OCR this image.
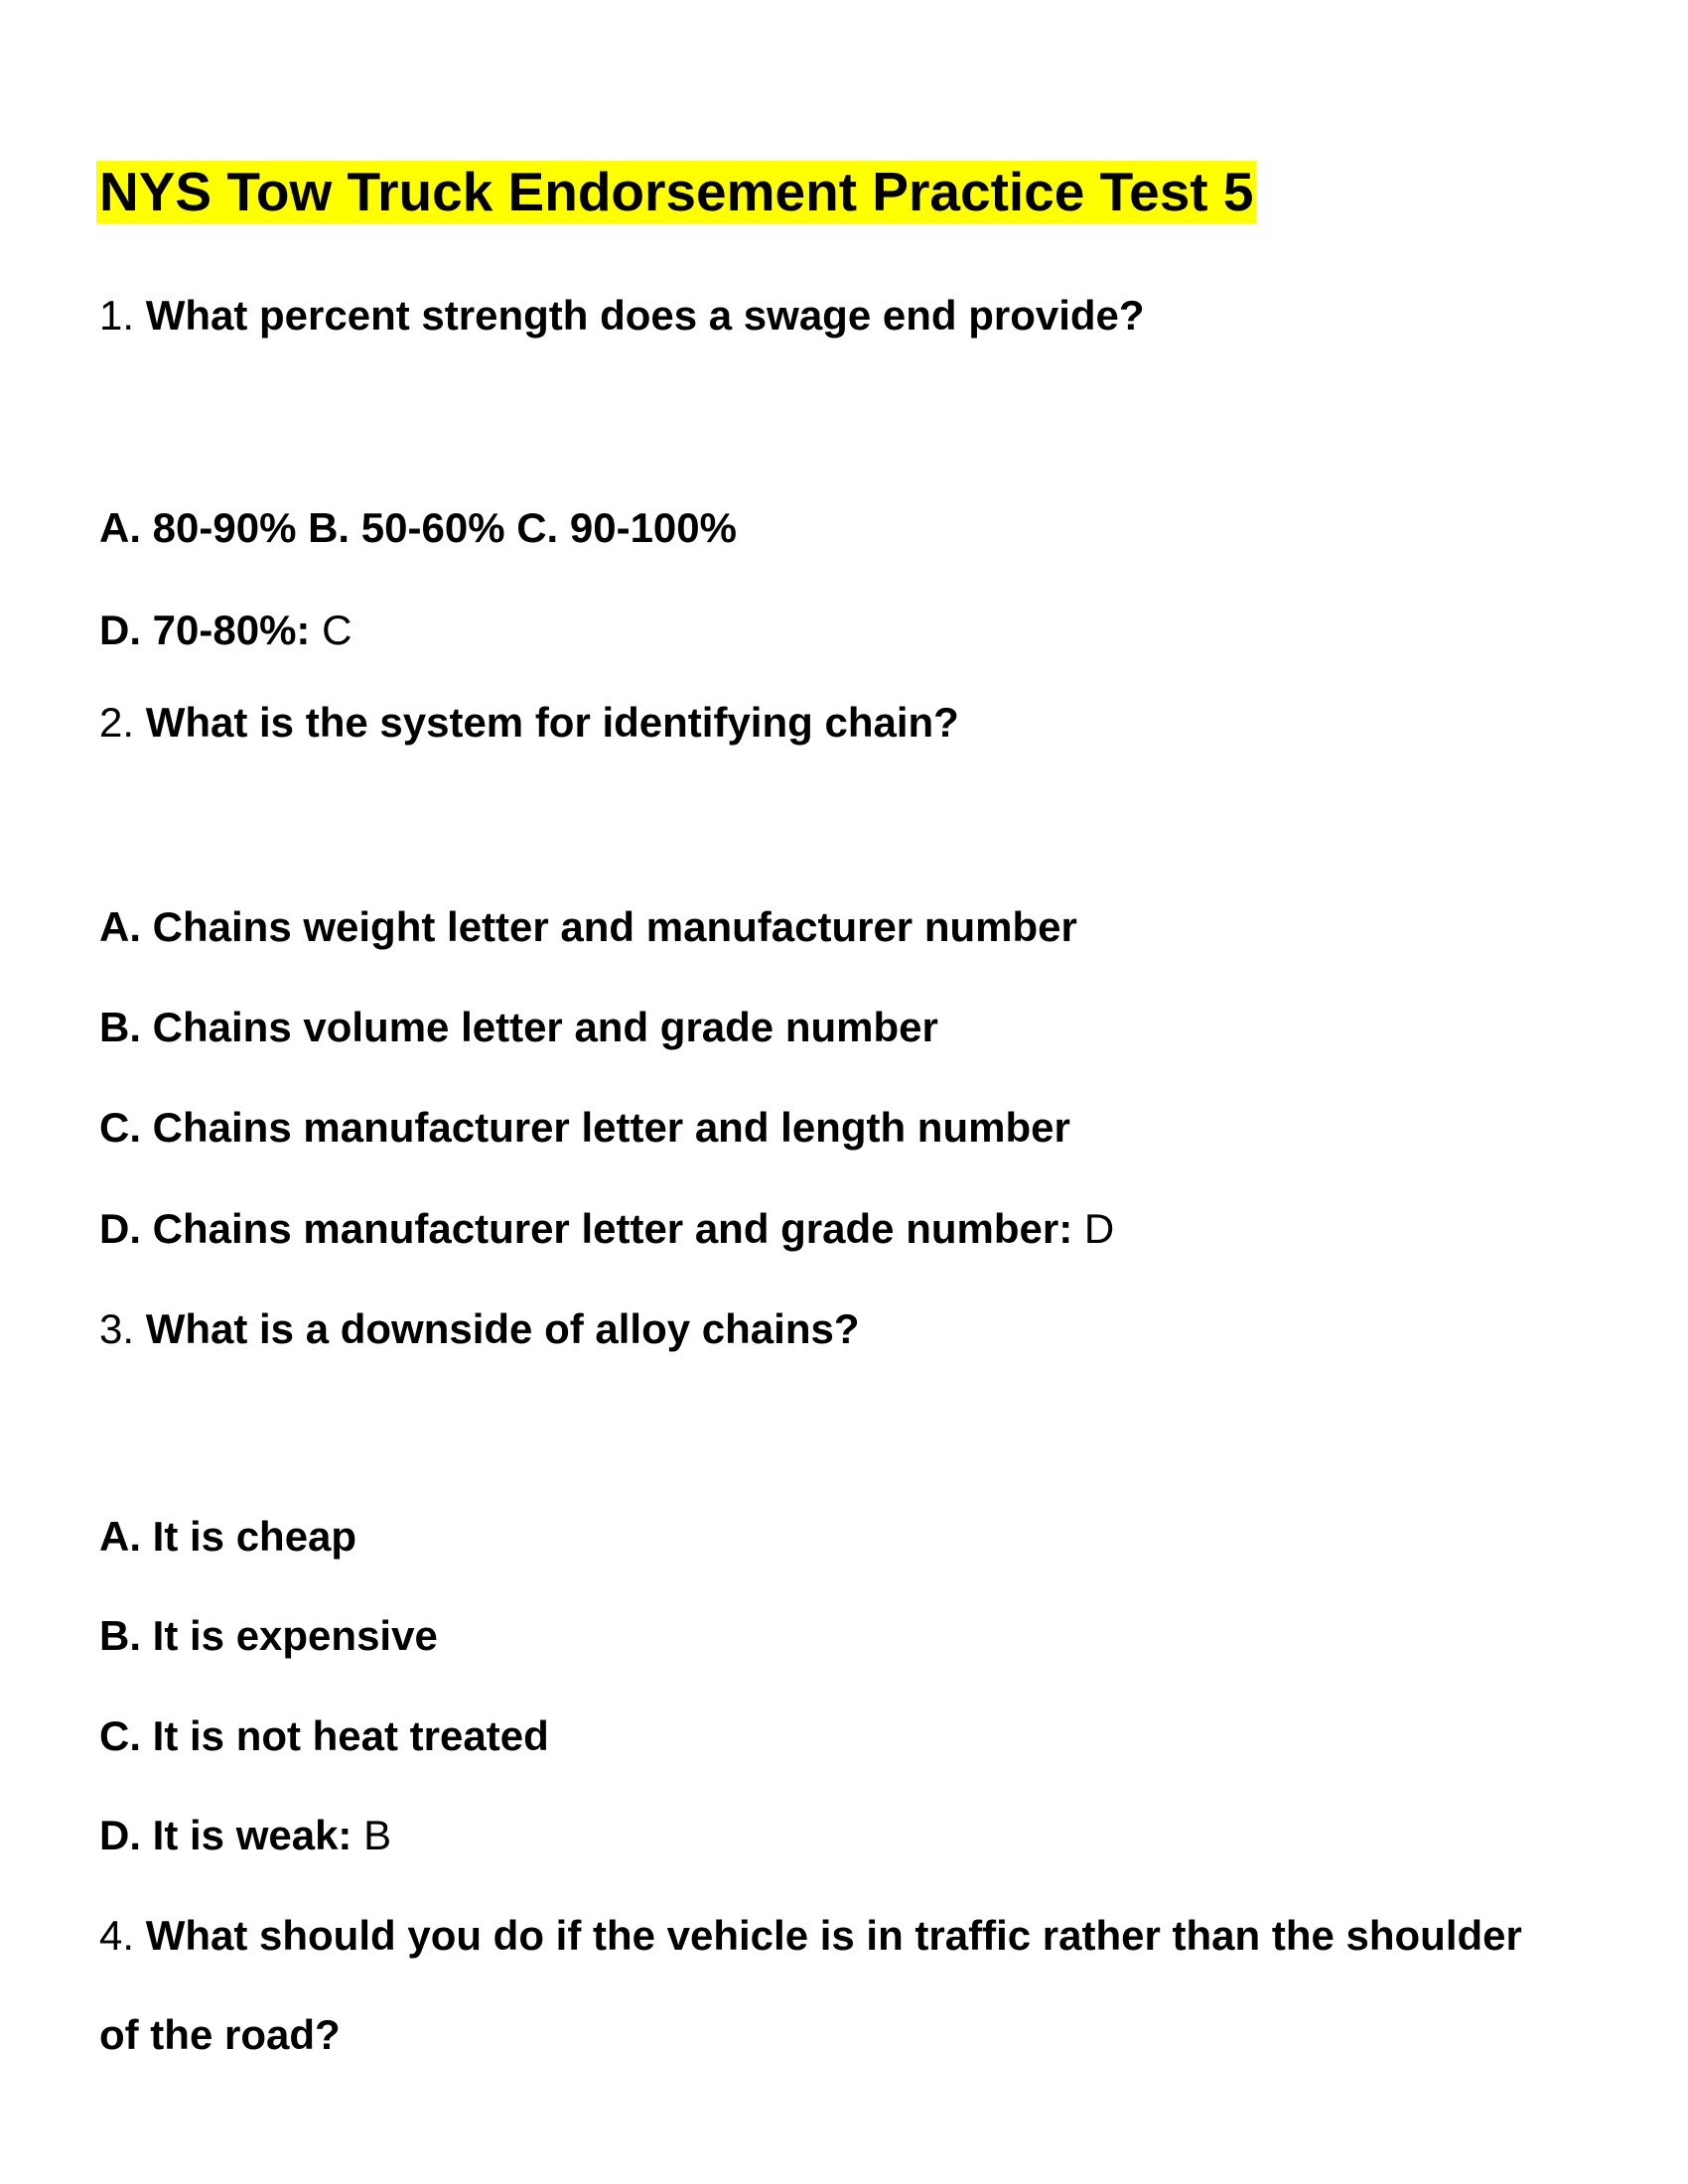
NYS Tow Truck Endorsement Practice Test 5
1. What percent strength does a swage end provide?
A. 80-90% B. 50-60% C. 90-100%
D. 70-80%: C
2. What is the system for identifying chain?
A. Chains weight letter and manufacturer number
B. Chains volume letter and grade number
C. Chains manufacturer letter and length number
D. Chains manufacturer letter and grade number: D
3. What is a downside of alloy chains?
A. It is cheap
B. It is expensive
C. It is not heat treated
D. It is weak: B
4. What should you do if the vehicle is in traffic rather than the shoulder
of the road?
